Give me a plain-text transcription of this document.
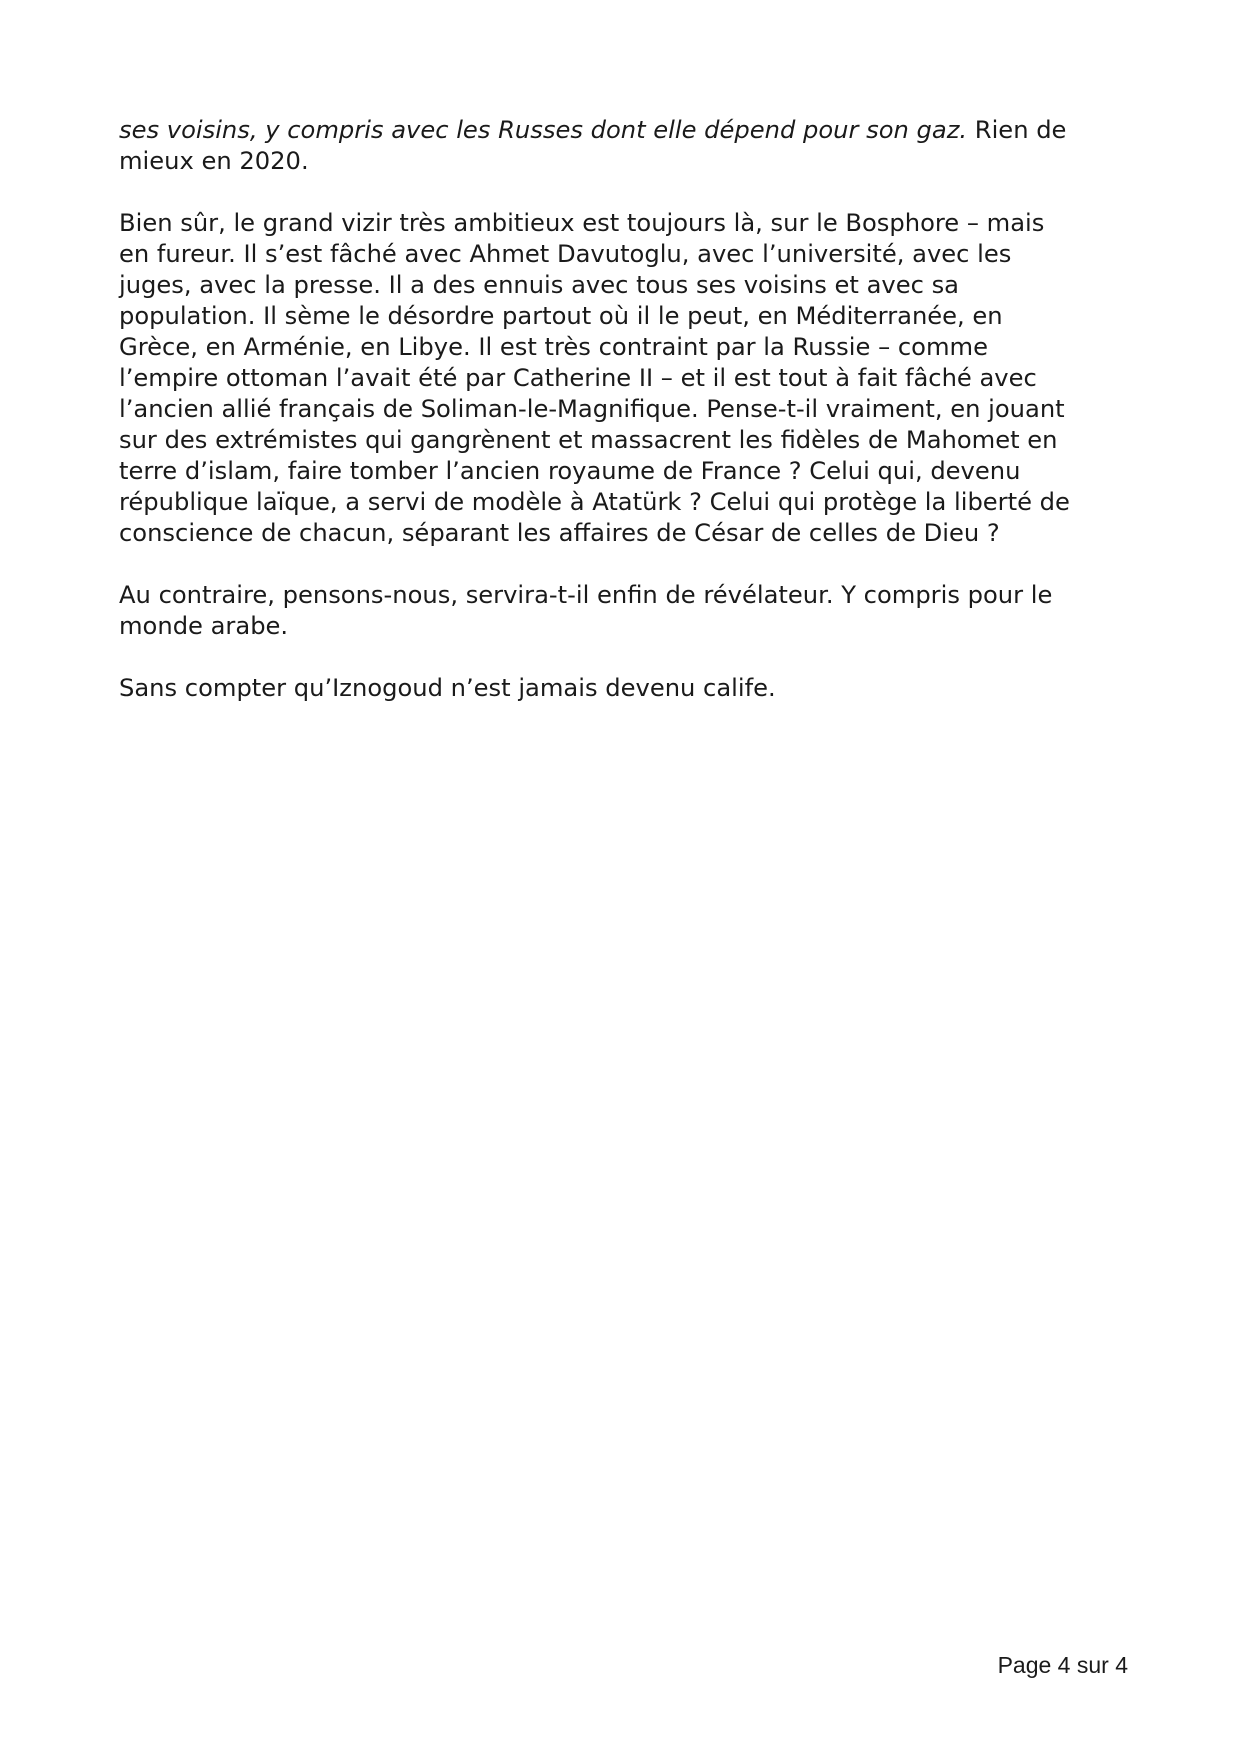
ses voisins, y compris avec les Russes dont elle dépend pour son gaz. Rien de
mieux en 2020.

Bien sûr, le grand vizir très ambitieux est toujours là, sur le Bosphore – mais
en fureur. Il s’est fâché avec Ahmet Davutoglu, avec l’université, avec les
juges, avec la presse. Il a des ennuis avec tous ses voisins et avec sa
population. Il sème le désordre partout où il le peut, en Méditerranée, en
Grèce, en Arménie, en Libye. Il est très contraint par la Russie – comme
l’empire ottoman l’avait été par Catherine II – et il est tout à fait fâché avec
l’ancien allié français de Soliman-le-Magnifique. Pense-t-il vraiment, en jouant
sur des extrémistes qui gangrènent et massacrent les fidèles de Mahomet en
terre d’islam, faire tomber l’ancien royaume de France ? Celui qui, devenu
république laïque, a servi de modèle à Atatürk ? Celui qui protège la liberté de
conscience de chacun, séparant les affaires de César de celles de Dieu ?

Au contraire, pensons-nous, servira-t-il enfin de révélateur. Y compris pour le
monde arabe.

Sans compter qu’Iznogoud n’est jamais devenu calife.

Page 4 sur 4
